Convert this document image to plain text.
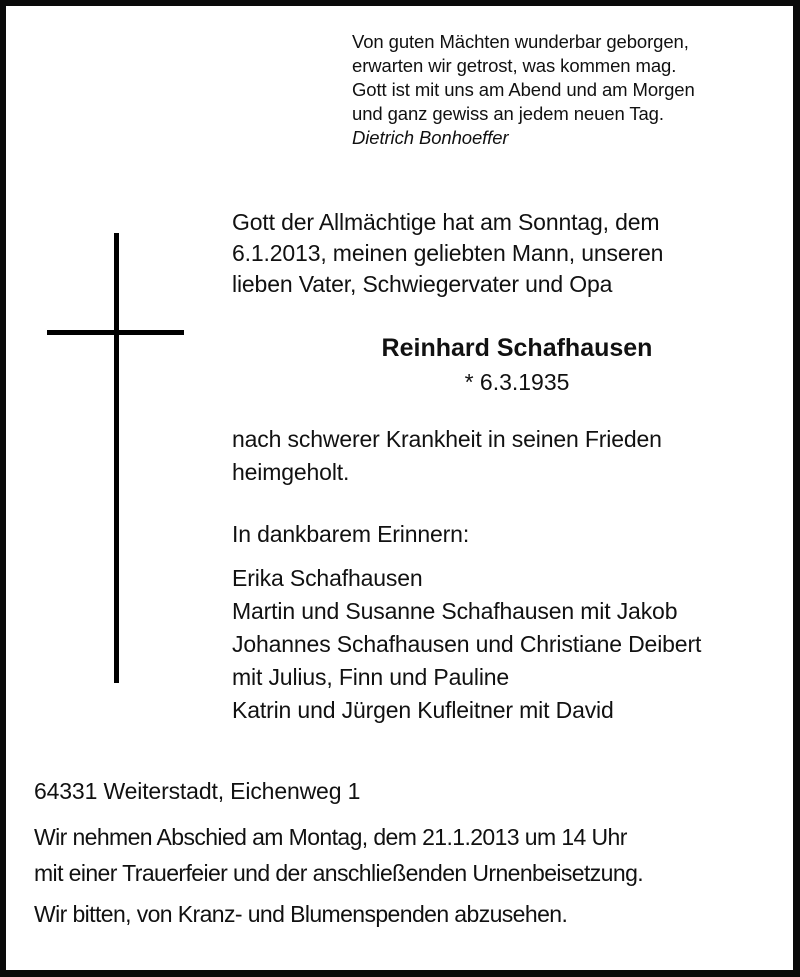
Von guten Mächten wunderbar geborgen,
erwarten wir getrost, was kommen mag.
Gott ist mit uns am Abend und am Morgen
und ganz gewiss an jedem neuen Tag.
Dietrich Bonhoeffer
Gott der Allmächtige hat am Sonntag, dem
6.1.2013, meinen geliebten Mann, unseren
lieben Vater, Schwiegervater und Opa
Reinhard Schafhausen
* 6.3.1935
nach schwerer Krankheit in seinen Frieden
heimgeholt.
In dankbarem Erinnern:
Erika Schafhausen
Martin und Susanne Schafhausen mit Jakob
Johannes Schafhausen und Christiane Deibert
mit Julius, Finn und Pauline
Katrin und Jürgen Kufleitner mit David
64331 Weiterstadt, Eichenweg 1
Wir nehmen Abschied am Montag, dem 21.1.2013 um 14 Uhr
mit einer Trauerfeier und der anschließenden Urnenbeisetzung.
Wir bitten, von Kranz- und Blumenspenden abzusehen.
